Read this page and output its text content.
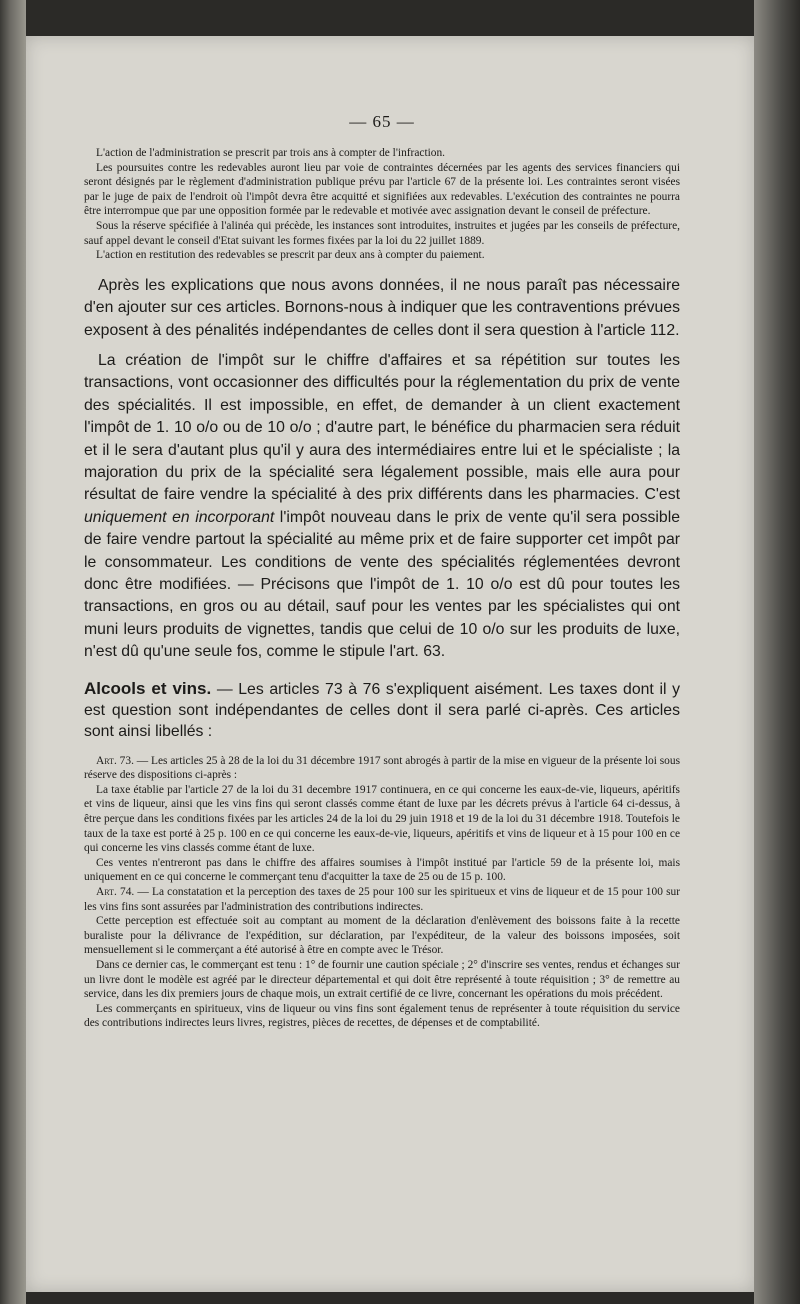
— 65 —

L'action de l'administration se prescrit par trois ans à compter de l'infraction.

Les poursuites contre les redevables auront lieu par voie de contraintes décernées par les agents des services financiers qui seront désignés par le règlement d'administration publique prévu par l'article 67 de la présente loi. Les contraintes seront visées par le juge de paix de l'endroit où l'impôt devra être acquitté et signifiées aux redevables. L'exécution des contraintes ne pourra être interrompue que par une opposition formée par le redevable et motivée avec assignation devant le conseil de préfecture.

Sous la réserve spécifiée à l'alinéa qui précède, les instances sont introduites, instruites et jugées par les conseils de préfecture, sauf appel devant le conseil d'Etat suivant les formes fixées par la loi du 22 juillet 1889.

L'action en restitution des redevables se prescrit par deux ans à compter du paiement.

Après les explications que nous avons données, il ne nous paraît pas nécessaire d'en ajouter sur ces articles. Bornons-nous à indiquer que les contraventions prévues exposent à des pénalités indépendantes de celles dont il sera question à l'article 112.

La création de l'impôt sur le chiffre d'affaires et sa répétition sur toutes les transactions, vont occasionner des difficultés pour la réglementation du prix de vente des spécialités. Il est impossible, en effet, de demander à un client exactement l'impôt de 1. 10 o/o ou de 10 o/o ; d'autre part, le bénéfice du pharmacien sera réduit et il le sera d'autant plus qu'il y aura des intermédiaires entre lui et le spécialiste ; la majoration du prix de la spécialité sera légalement possible, mais elle aura pour résultat de faire vendre la spécialité à des prix différents dans les pharmacies. C'est uniquement en incorporant l'impôt nouveau dans le prix de vente qu'il sera possible de faire vendre partout la spécialité au même prix et de faire supporter cet impôt par le consommateur. Les conditions de vente des spécialités réglementées devront donc être modifiées. — Précisons que l'impôt de 1. 10 o/o est dû pour toutes les transactions, en gros ou au détail, sauf pour les ventes par les spécialistes qui ont muni leurs produits de vignettes, tandis que celui de 10 o/o sur les produits de luxe, n'est dû qu'une seule fos, comme le stipule l'art. 63.

Alcools et vins. — Les articles 73 à 76 s'expliquent aisément. Les taxes dont il y est question sont indépendantes de celles dont il sera parlé ci-après. Ces articles sont ainsi libellés :

Art. 73. — Les articles 25 à 28 de la loi du 31 décembre 1917 sont abrogés à partir de la mise en vigueur de la présente loi sous réserve des dispositions ci-après :

La taxe établie par l'article 27 de la loi du 31 decembre 1917 continuera, en ce qui concerne les eaux-de-vie, liqueurs, apéritifs et vins de liqueur, ainsi que les vins fins qui seront classés comme étant de luxe par les décrets prévus à l'article 64 ci-dessus, à être perçue dans les conditions fixées par les articles 24 de la loi du 29 juin 1918 et 19 de la loi du 31 décembre 1918. Toutefois le taux de la taxe est porté à 25 p. 100 en ce qui concerne les eaux-de-vie, liqueurs, apéritifs et vins de liqueur et à 15 pour 100 en ce qui concerne les vins classés comme étant de luxe.

Ces ventes n'entreront pas dans le chiffre des affaires soumises à l'impôt institué par l'article 59 de la présente loi, mais uniquement en ce qui concerne le commerçant tenu d'acquitter la taxe de 25 ou de 15 p. 100.

Art. 74. — La constatation et la perception des taxes de 25 pour 100 sur les spiritueux et vins de liqueur et de 15 pour 100 sur les vins fins sont assurées par l'administration des contributions indirectes.

Cette perception est effectuée soit au comptant au moment de la déclaration d'enlèvement des boissons faite à la recette buraliste pour la délivrance de l'expédition, sur déclaration, par l'expéditeur, de la valeur des boissons imposées, soit mensuellement si le commerçant a été autorisé à être en compte avec le Trésor.

Dans ce dernier cas, le commerçant est tenu : 1° de fournir une caution spéciale ; 2° d'inscrire ses ventes, rendus et échanges sur un livre dont le modèle est agréé par le directeur départemental et qui doit être représenté à toute réquisition ; 3° de remettre au service, dans les dix premiers jours de chaque mois, un extrait certifié de ce livre, concernant les opérations du mois précédent.

Les commerçants en spiritueux, vins de liqueur ou vins fins sont également tenus de représenter à toute réquisition du service des contributions indirectes leurs livres, registres, pièces de recettes, de dépenses et de comptabilité.
